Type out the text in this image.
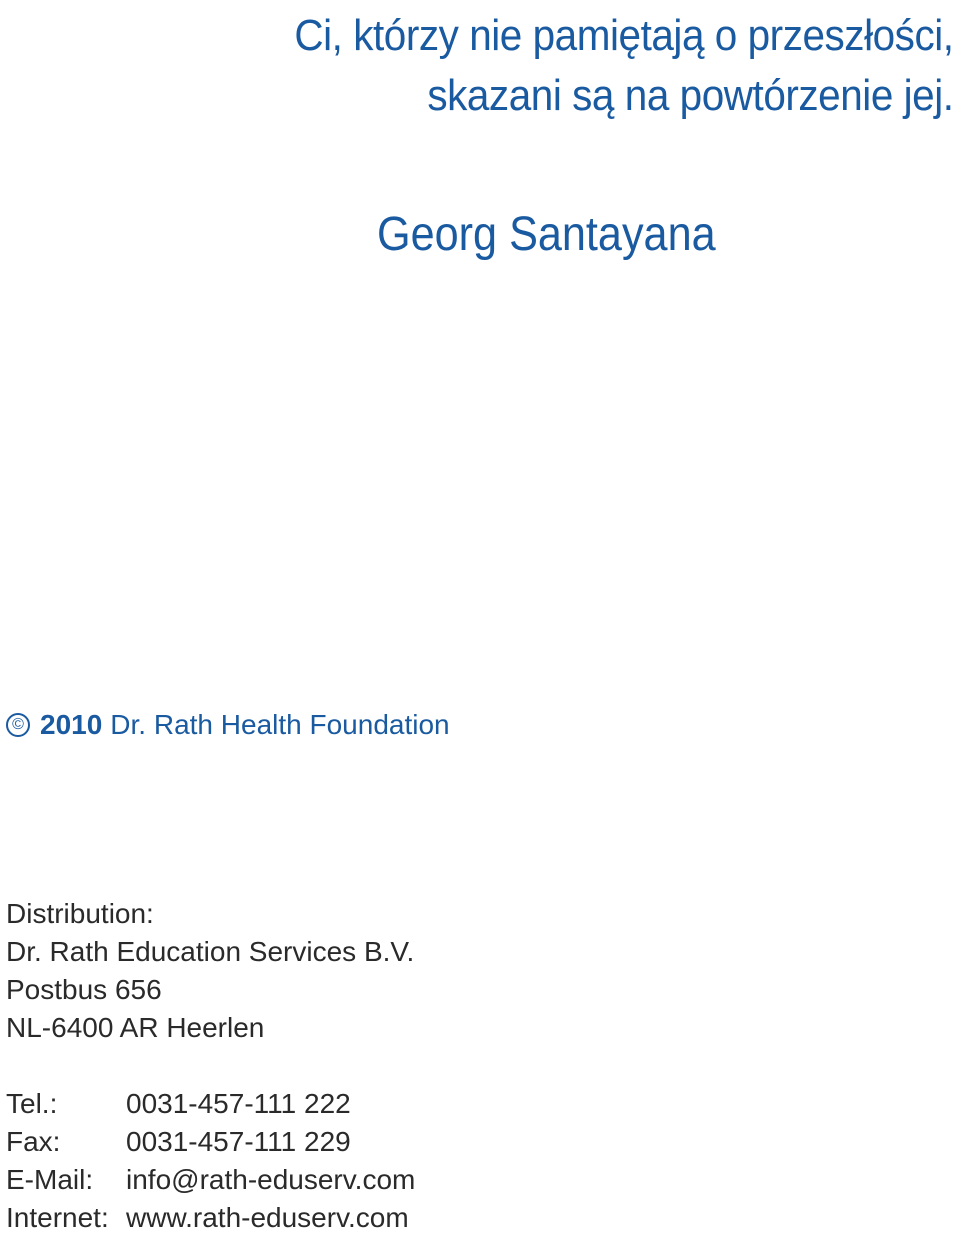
Ci, którzy nie pamiętają o przeszłości,
skazani są na powtórzenie jej.
Georg Santayana
© 2010 Dr. Rath Health Foundation
Distribution:
Dr. Rath Education Services B.V.
Postbus 656
NL-6400 AR Heerlen
Tel.:	0031-457-111 222
Fax:	0031-457-111 229
E-Mail:	info@rath-eduserv.com
Internet: www.rath-eduserv.com
